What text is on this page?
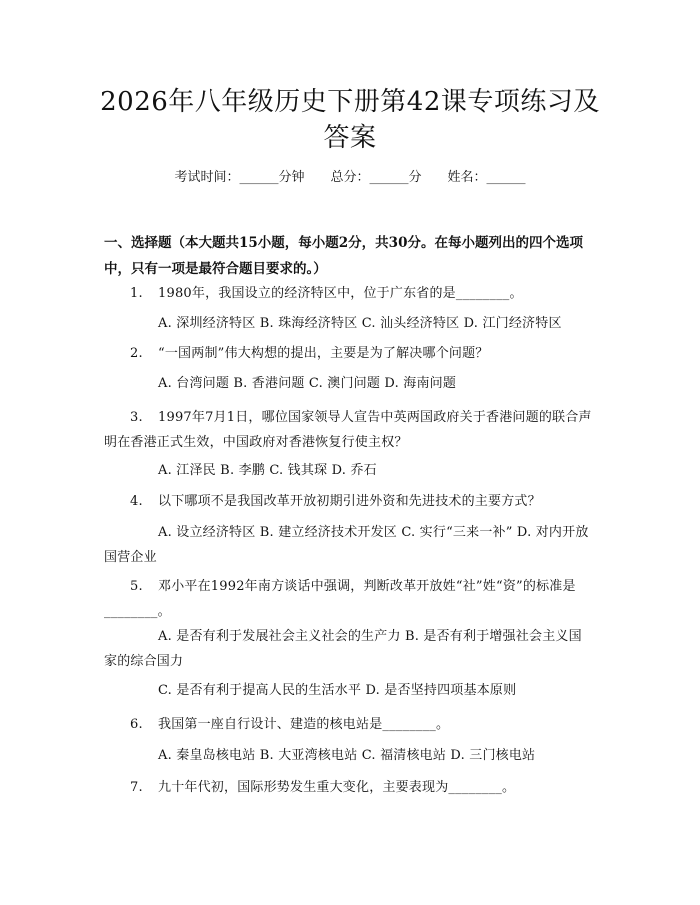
2026年八年级历史下册第42课专项练习及答案
考试时间：______分钟 总分：______分 姓名：______
一、选择题（本大题共15小题，每小题2分，共30分。在每小题列出的四个选项中，只有一项是最符合题目要求的。）
1. 1980年，我国设立的经济特区中，位于广东省的是________。
A. 深圳经济特区 B. 珠海经济特区 C. 汕头经济特区 D. 江门经济特区
2. “一国两制”伟大构想的提出，主要是为了解决哪个问题？
A. 台湾问题 B. 香港问题 C. 澳门问题 D. 海南问题
3. 1997年7月1日，哪位国家领导人宣告中英两国政府关于香港问题的联合声明在香港正式生效，中国政府对香港恢复行使主权？
A. 江泽民 B. 李鹏 C. 钱其琛 D. 乔石
4. 以下哪项不是我国改革开放初期引进外资和先进技术的主要方式？
A. 设立经济特区 B. 建立经济技术开发区 C. 实行“三来一补” D. 对内开放国营企业
5. 邓小平在1992年南方谈话中强调，判断改革开放姓“社”姓“资”的标准是________。
A. 是否有利于发展社会主义社会的生产力 B. 是否有利于增强社会主义国家的综合国力
C. 是否有利于提高人民的生活水平 D. 是否坚持四项基本原则
6. 我国第一座自行设计、建造的核电站是________。
A. 秦皇岛核电站 B. 大亚湾核电站 C. 福清核电站 D. 三门核电站
7. 九十年代初，国际形势发生重大变化，主要表现为________。
